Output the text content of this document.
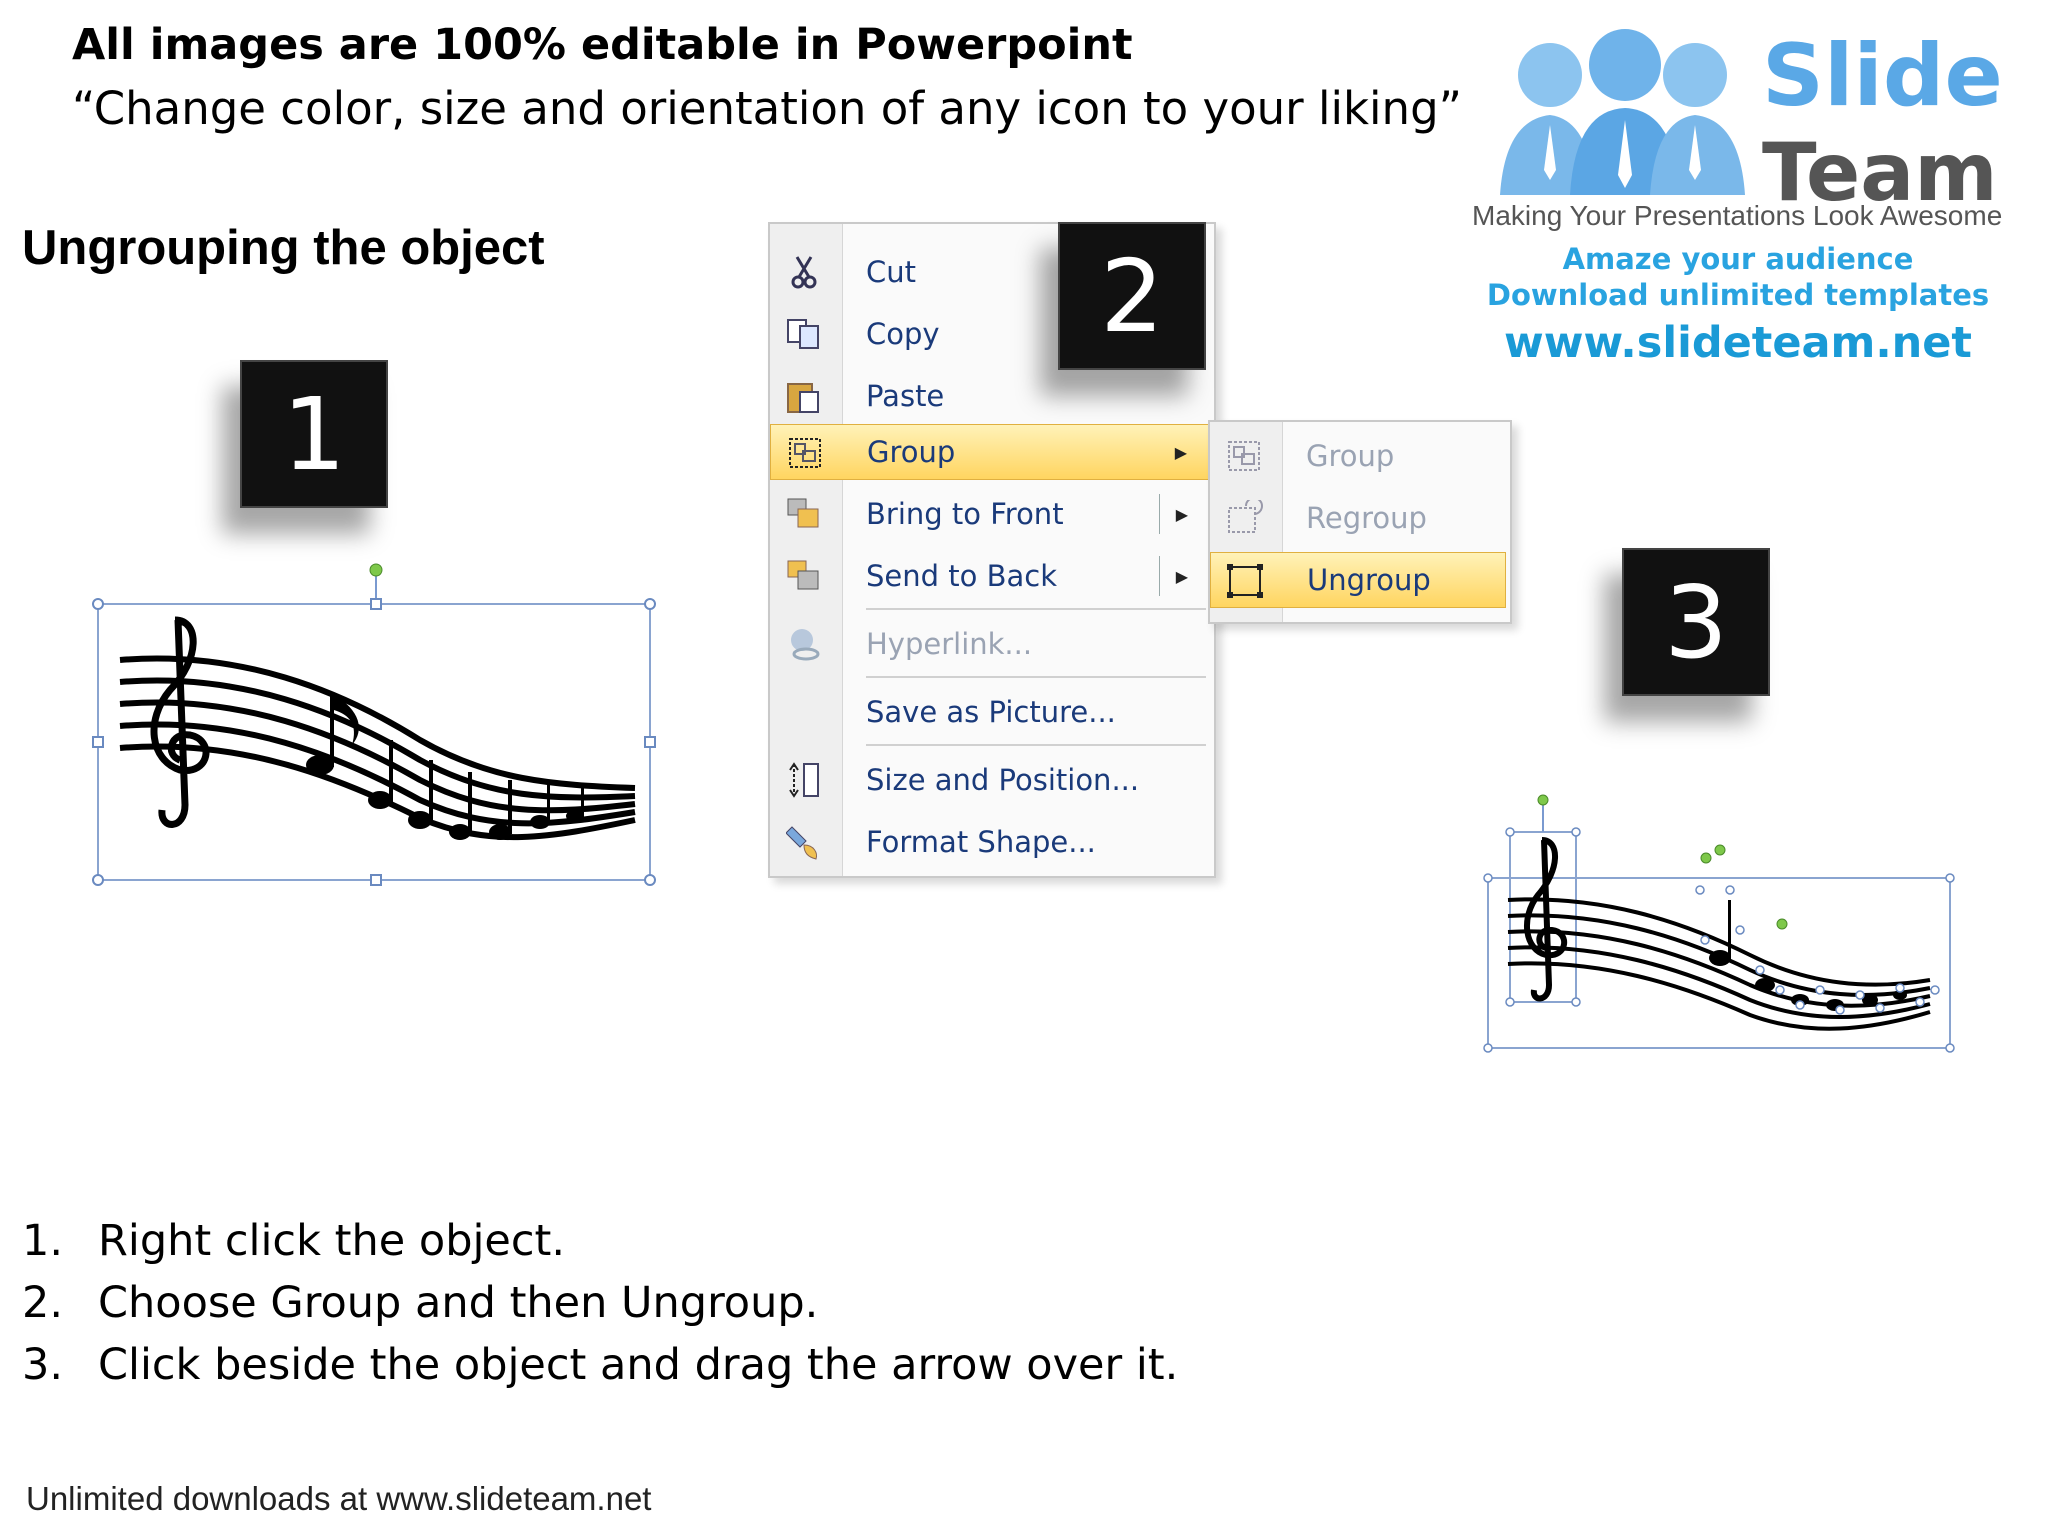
All images are 100% editable in Powerpoint
“Change color, size and orientation of any icon to your liking”	Slide
Team
Making Your Presentations Look Awesome
Amaze your audience
Download unlimited templates
www.slideteam.net
Ungrouping the object
1
Cut
Copy
Paste
Group	▶
Bring to Front	▶
Send to Back	▶
Hyperlink...
Save as Picture...
Size and Position...
Format Shape...
2
Group
Regroup
Ungroup	3
1. Right click the object.
2. Choose Group and then Ungroup.
3. Click beside the object and drag the arrow over it.
Unlimited downloads at www.slideteam.net
